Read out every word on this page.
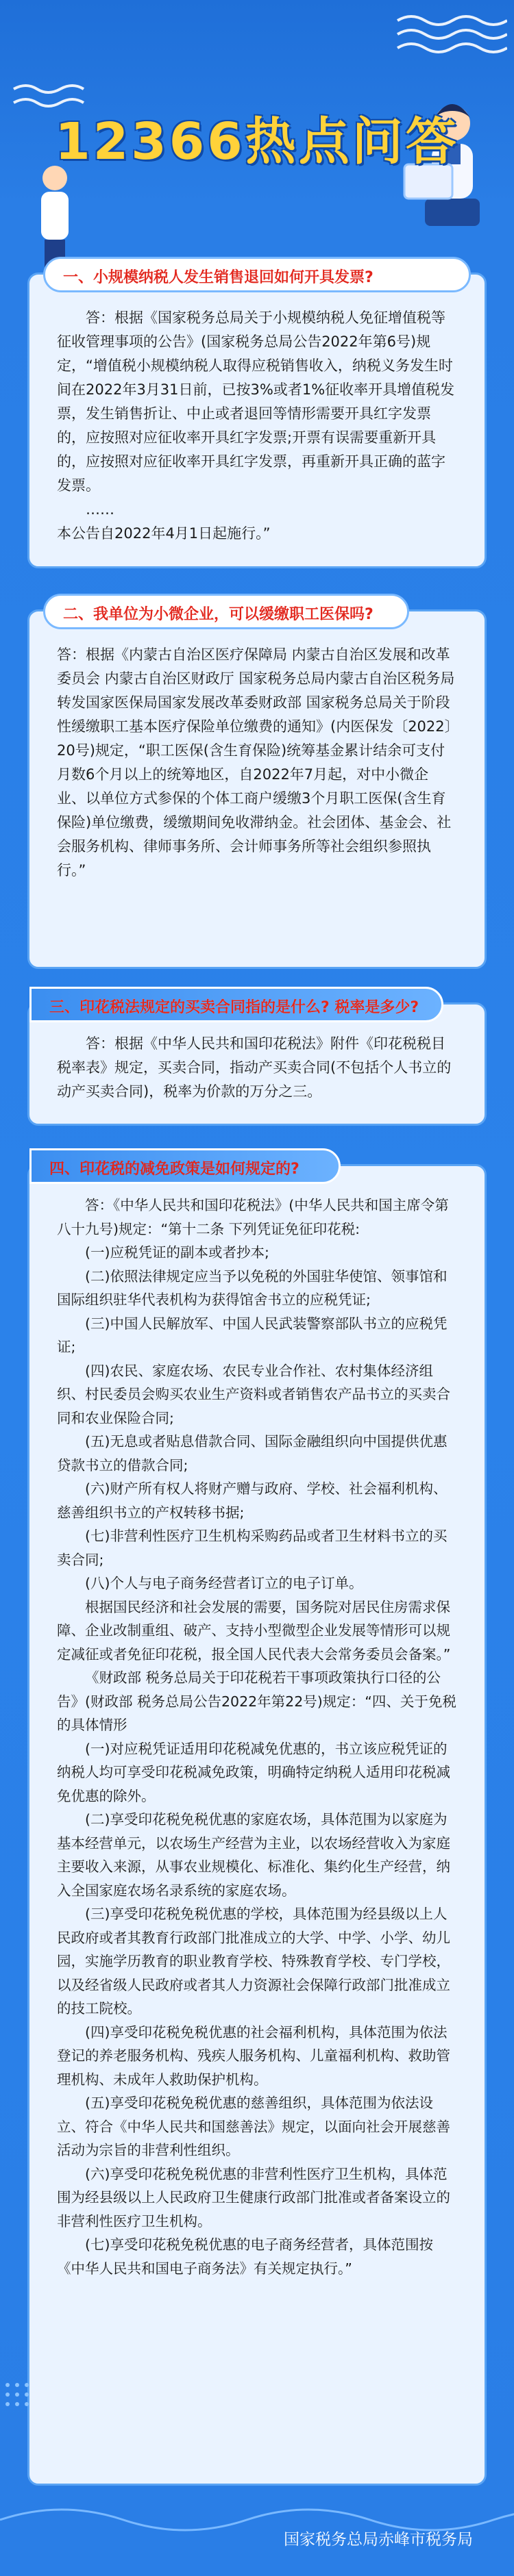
12366热点问答
一、小规模纳税人发生销售退回如何开具发票?

答：根据《国家税务总局关于小规模纳税人免征增值税等征收管理事项的公告》(国家税务总局公告2022年第6号)规定，“增值税小规模纳税人取得应税销售收入，纳税义务发生时间在2022年3月31日前，已按3%或者1%征收率开具增值税发票，发生销售折让、中止或者退回等情形需要开具红字发票的，应按照对应征收率开具红字发票;开票有误需要重新开具的，应按照对应征收率开具红字发票，再重新开具正确的蓝字发票。

……

本公告自2022年4月1日起施行。”

二、我单位为小微企业，可以缓缴职工医保吗?

答：根据《内蒙古自治区医疗保障局 内蒙古自治区发展和改革委员会 内蒙古自治区财政厅 国家税务总局内蒙古自治区税务局转发国家医保局国家发展改革委财政部 国家税务总局关于阶段性缓缴职工基本医疗保险单位缴费的通知》(内医保发〔2022〕20号)规定，“职工医保(含生育保险)统筹基金累计结余可支付月数6个月以上的统筹地区，自2022年7月起，对中小微企业、以单位方式参保的个体工商户缓缴3个月职工医保(含生育保险)单位缴费，缓缴期间免收滞纳金。社会团体、基金会、社会服务机构、律师事务所、会计师事务所等社会组织参照执行。”

三、印花税法规定的买卖合同指的是什么? 税率是多少?

答：根据《中华人民共和国印花税法》附件《印花税税目税率表》规定，买卖合同，指动产买卖合同(不包括个人书立的动产买卖合同)，税率为价款的万分之三。

四、印花税的减免政策是如何规定的?

答：《中华人民共和国印花税法》(中华人民共和国主席令第八十九号)规定：“第十二条 下列凭证免征印花税:

(一)应税凭证的副本或者抄本;

(二)依照法律规定应当予以免税的外国驻华使馆、领事馆和国际组织驻华代表机构为获得馆舍书立的应税凭证;

(三)中国人民解放军、中国人民武装警察部队书立的应税凭证;

(四)农民、家庭农场、农民专业合作社、农村集体经济组织、村民委员会购买农业生产资料或者销售农产品书立的买卖合同和农业保险合同;

(五)无息或者贴息借款合同、国际金融组织向中国提供优惠贷款书立的借款合同;

(六)财产所有权人将财产赠与政府、学校、社会福利机构、慈善组织书立的产权转移书据;

(七)非营利性医疗卫生机构采购药品或者卫生材料书立的买卖合同;

(八)个人与电子商务经营者订立的电子订单。

根据国民经济和社会发展的需要，国务院对居民住房需求保障、企业改制重组、破产、支持小型微型企业发展等情形可以规定减征或者免征印花税，报全国人民代表大会常务委员会备案。”

《财政部 税务总局关于印花税若干事项政策执行口径的公告》(财政部 税务总局公告2022年第22号)规定：“四、关于免税的具体情形

(一)对应税凭证适用印花税减免优惠的，书立该应税凭证的纳税人均可享受印花税减免政策，明确特定纳税人适用印花税减免优惠的除外。

(二)享受印花税免税优惠的家庭农场，具体范围为以家庭为基本经营单元，以农场生产经营为主业，以农场经营收入为家庭主要收入来源，从事农业规模化、标准化、集约化生产经营，纳入全国家庭农场名录系统的家庭农场。

(三)享受印花税免税优惠的学校，具体范围为经县级以上人民政府或者其教育行政部门批准成立的大学、中学、小学、幼儿园，实施学历教育的职业教育学校、特殊教育学校、专门学校，以及经省级人民政府或者其人力资源社会保障行政部门批准成立的技工院校。

(四)享受印花税免税优惠的社会福利机构，具体范围为依法登记的养老服务机构、残疾人服务机构、儿童福利机构、救助管理机构、未成年人救助保护机构。

(五)享受印花税免税优惠的慈善组织，具体范围为依法设立、符合《中华人民共和国慈善法》规定，以面向社会开展慈善活动为宗旨的非营利性组织。

(六)享受印花税免税优惠的非营利性医疗卫生机构，具体范围为经县级以上人民政府卫生健康行政部门批准或者备案设立的非营利性医疗卫生机构。

(七)享受印花税免税优惠的电子商务经营者，具体范围按《中华人民共和国电子商务法》有关规定执行。”

国家税务总局赤峰市税务局
